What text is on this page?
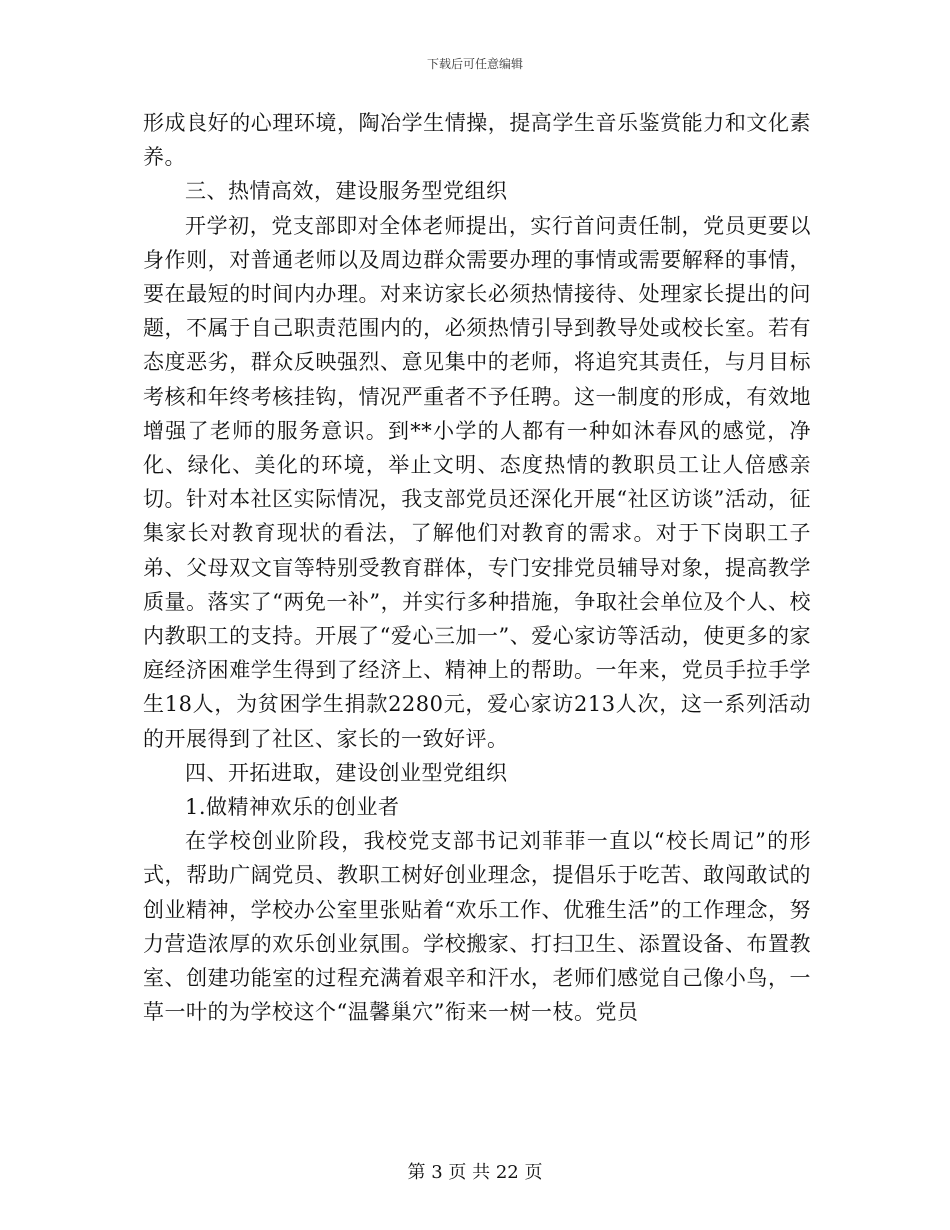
下载后可任意编辑

形成良好的心理环境，陶冶学生情操，提高学生音乐鉴赏能力和文化素养。

三、热情高效，建设服务型党组织

开学初，党支部即对全体老师提出，实行首问责任制，党员更要以身作则，对普通老师以及周边群众需要办理的事情或需要解释的事情，要在最短的时间内办理。对来访家长必须热情接待、处理家长提出的问题，不属于自己职责范围内的，必须热情引导到教导处或校长室。若有态度恶劣，群众反映强烈、意见集中的老师，将追究其责任，与月目标考核和年终考核挂钩，情况严重者不予任聘。这一制度的形成，有效地增强了老师的服务意识。到**小学的人都有一种如沐春风的感觉，净化、绿化、美化的环境，举止文明、态度热情的教职员工让人倍感亲切。针对本社区实际情况，我支部党员还深化开展“社区访谈”活动，征集家长对教育现状的看法，了解他们对教育的需求。对于下岗职工子弟、父母双文盲等特别受教育群体，专门安排党员辅导对象，提高教学质量。落实了“两免一补”，并实行多种措施，争取社会单位及个人、校内教职工的支持。开展了“爱心三加一”、爱心家访等活动，使更多的家庭经济困难学生得到了经济上、精神上的帮助。一年来，党员手拉手学生18人，为贫困学生捐款2280元，爱心家访213人次，这一系列活动的开展得到了社区、家长的一致好评。

四、开拓进取，建设创业型党组织

1.做精神欢乐的创业者

在学校创业阶段，我校党支部书记刘菲菲一直以“校长周记”的形式，帮助广阔党员、教职工树好创业理念，提倡乐于吃苦、敢闯敢试的创业精神，学校办公室里张贴着“欢乐工作、优雅生活”的工作理念，努力营造浓厚的欢乐创业氛围。学校搬家、打扫卫生、添置设备、布置教室、创建功能室的过程充满着艰辛和汗水，老师们感觉自己像小鸟，一草一叶的为学校这个“温馨巢穴”衔来一树一枝。党员

第 3 页 共 22 页
